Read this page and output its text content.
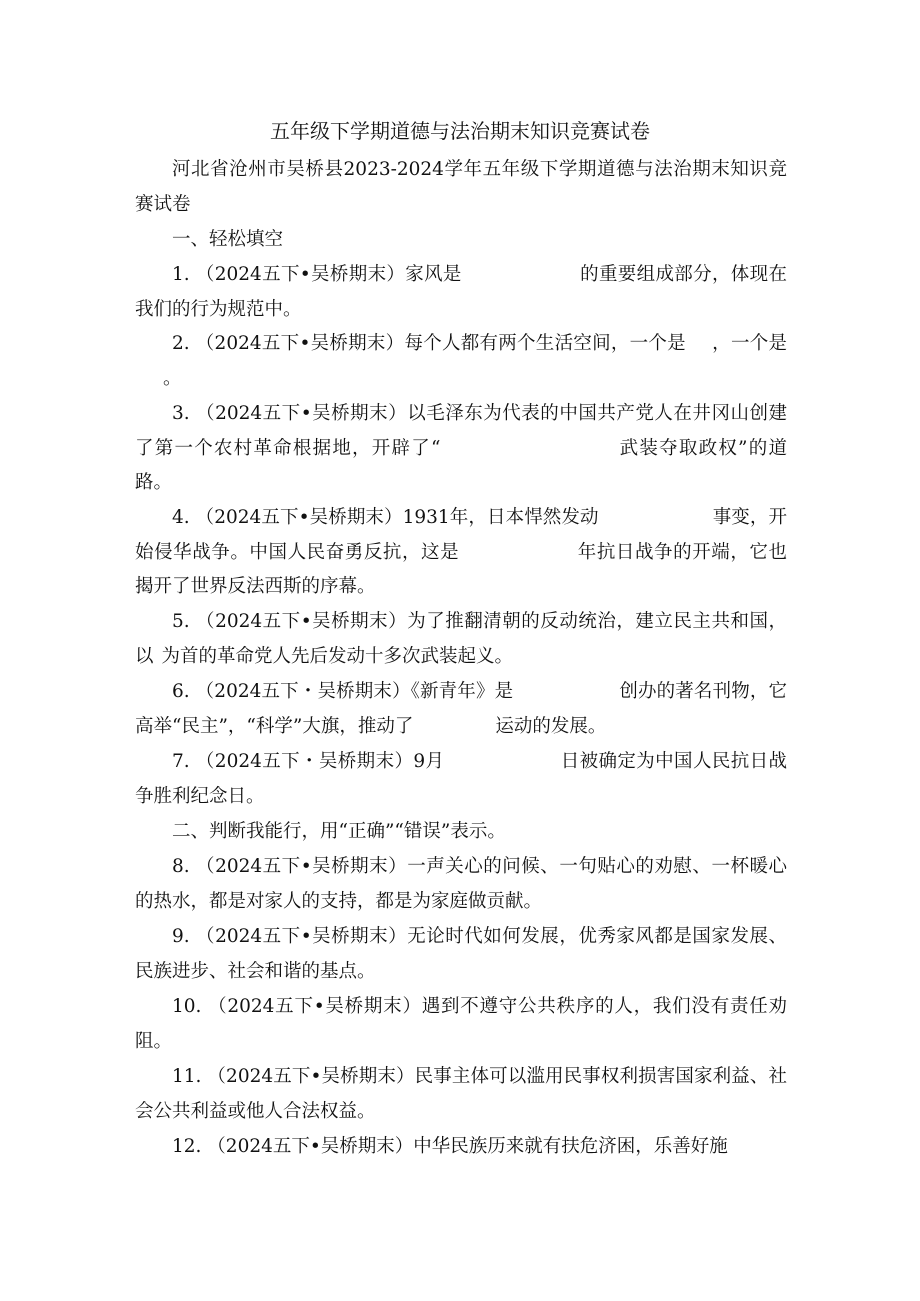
五年级下学期道德与法治期末知识竞赛试卷
河北省沧州市吴桥县2023-2024学年五年级下学期道德与法治期末知识竞赛试卷
一、轻松填空
1. （2024五下•吴桥期末）家风是	的重要组成部分，体现在我们的行为规范中。
2. （2024五下•吴桥期末）每个人都有两个生活空间，一个是 ，一个是。
3. （2024五下•吴桥期末）以毛泽东为代表的中国共产党人在井冈山创建了第一个农村革命根据地，开辟了“	武装夺取政权”的道路。
4. （2024五下•吴桥期末）1931年，日本悍然发动	事变，开始侵华战争。中国人民奋勇反抗，这是	年抗日战争的开端，它也揭开了世界反法西斯的序幕。
5. （2024五下•吴桥期末）为了推翻清朝的反动统治，建立民主共和国，以 为首的革命党人先后发动十多次武装起义。
6. （2024五下・吴桥期末）《新青年》是	创办的著名刊物，它高举“民主”，“科学”大旗，推动了	运动的发展。
7. （2024五下・吴桥期末）9月	日被确定为中国人民抗日战争胜利纪念日。
二、判断我能行，用“正确”“错误”表示。
8. （2024五下•吴桥期末）一声关心的问候、一句贴心的劝慰、一杯暖心的热水，都是对家人的支持，都是为家庭做贡献。
9. （2024五下•吴桥期末）无论时代如何发展，优秀家风都是国家发展、民族进步、社会和谐的基点。
10. （2024五下•吴桥期末）遇到不遵守公共秩序的人，我们没有责任劝阻。
11. （2024五下•吴桥期末）民事主体可以滥用民事权利损害国家利益、社会公共利益或他人合法权益。
12. （2024五下•吴桥期末）中华民族历来就有扶危济困，乐善好施
